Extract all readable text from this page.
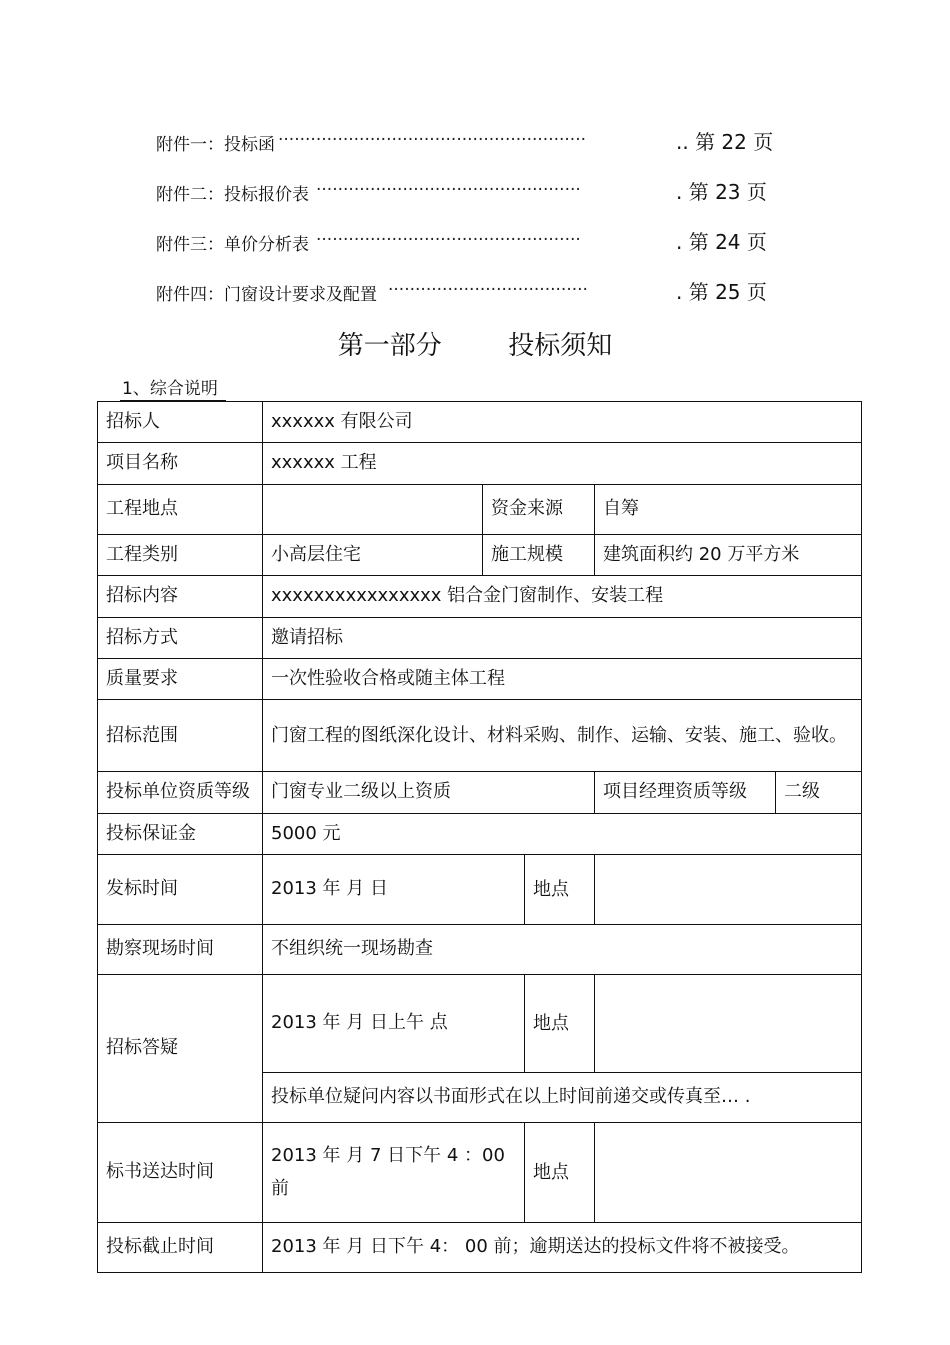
附件一：投标函 ·························································	.. 第 22 页
附件二：投标报价表 ·················································	. 第 23 页
附件三：单价分析表 ·················································	. 第 24 页
附件四：门窗设计要求及配置 ·····································	. 第 25 页
第一部分	投标须知
1、综合说明
招标人	xxxxxx 有限公司				
项目名称	xxxxxx 工程				
工程地点		资金来源		自筹	
工程类别	小高层住宅	施工规模		建筑面积约 20 万平方米	
招标内容	xxxxxxxxxxxxxxxx 铝合金门窗制作、安装工程				
招标方式	邀请招标				
质量要求	一次性验收合格或随主体工程				
招标范围	门窗工程的图纸深化设计、材料采购、制作、运输、安装、施工、验收。				
投标单位资质等级	门窗专业二级以上资质			项目经理资质等级	二级
投标保证金	5000 元				
发标时间	2013 年 月 日		地点		
勘察现场时间	不组织统一现场勘查				
招标答疑	2013 年 月 日上午 点		地点		
	投标单位疑问内容以书面形式在以上时间前递交或传真至… .				
标书送达时间	2013 年 月 7 日下午 4 ：00 前		地点		
投标截止时间	2013 年 月 日下午 4： 00 前；逾期送达的投标文件将不被接受。				
